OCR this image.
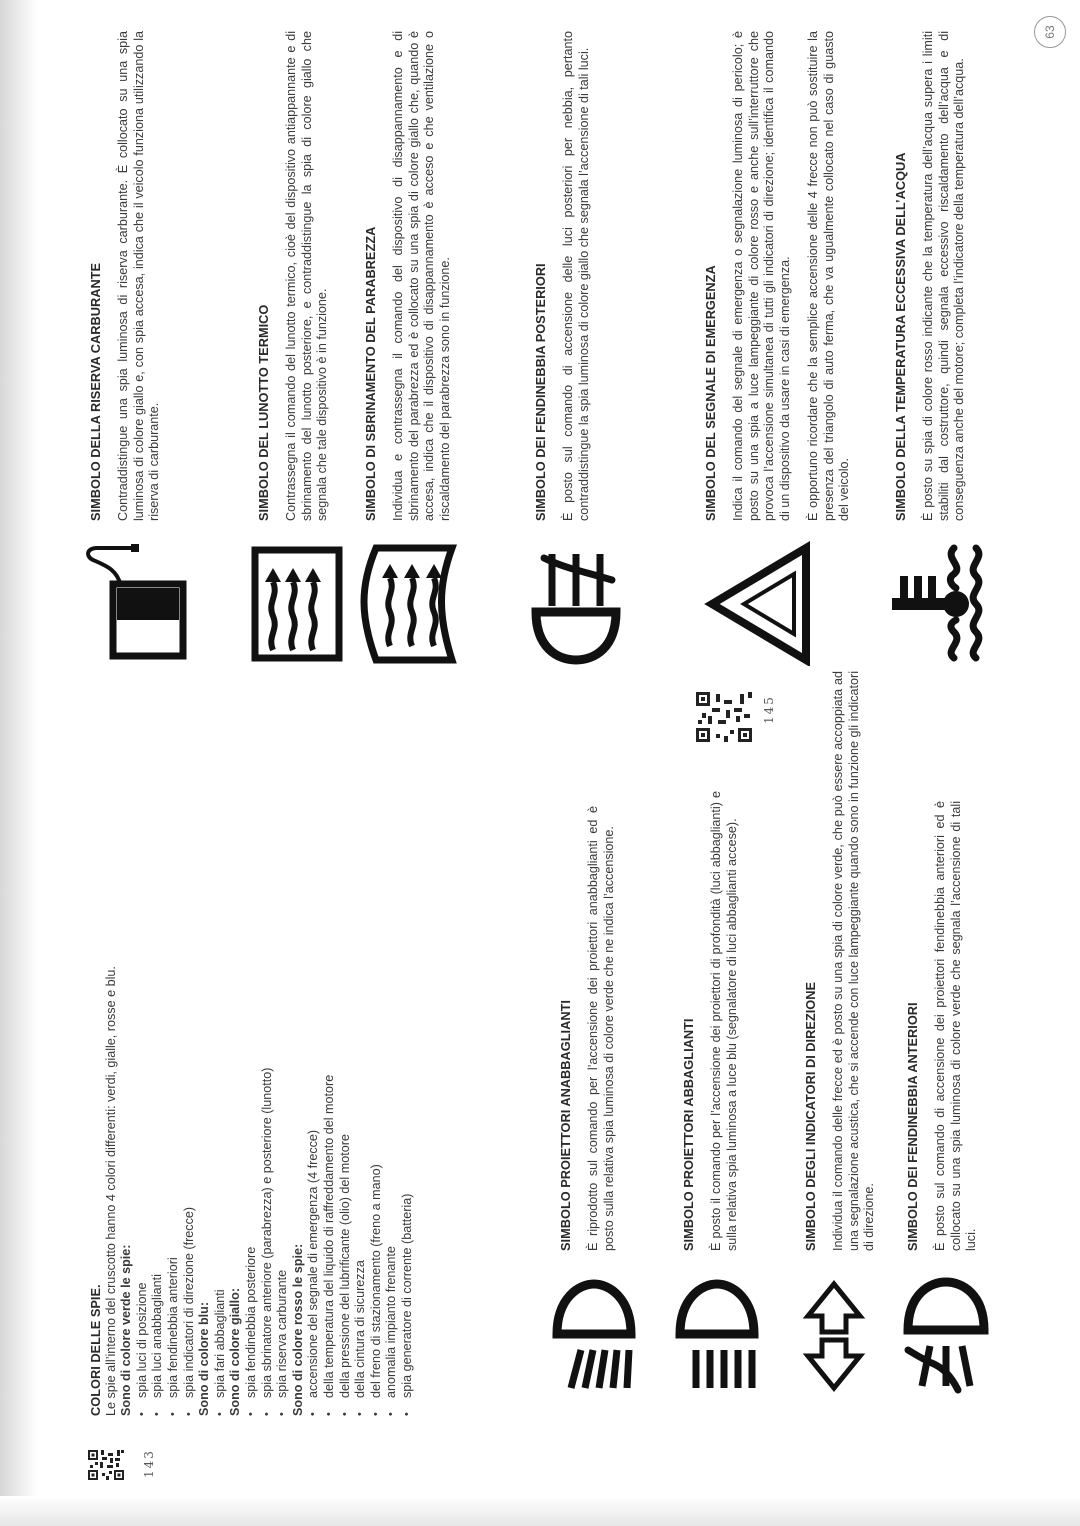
63
143

COLORI DELLE SPIE. Le spie all’interno del cruscotto hanno 4 colori differenti: verdi, gialle, rosse e blu. Sono di colore verde le spie: • spia luci di posizione • spia luci anabbaglianti • spia fendinebbia anteriori • spia indicatori di direzione (frecce) Sono di colore blu: • spia fari abbaglianti Sono di colore giallo: • spia fendinebbia posteriore • spia sbrinatore anteriore (parabrezza) e posteriore (lunotto) • spia riserva carburante Sono di colore rosso le spie: • accensione del segnale di emergenza (4 frecce) • della temperatura del liquido di raffreddamento del motore • della pressione del lubrificante (olio) del motore • della cintura di sicurezza • del freno di stazionamento (freno a mano) • anomalia impianto frenante • spia generatore di corrente (batteria)

SIMBOLO PROIETTORI ANABBAGLIANTI È riprodotto sul comando per l’accensione dei proiettori anabbaglianti ed è posto sulla relativa spia luminosa di colore verde che ne indica l’accensione.	SIMBOLO PROIETTORI ABBAGLIANTI È posto il comando per l’accensione dei proiettori di profondità (luci abbaglianti) e sulla relativa spia luminosa a luce blu (segnalatore di luci abbaglianti accese).	SIMBOLO DEGLI INDICATORI DI DIREZIONE Individua il comando delle frecce ed è posto su una spia di colore verde, che può essere accoppiata ad una segnalazione acustica, che si accende con luce lampeggiante quando sono in funzione gli indicatori di direzione. SIMBOLO DEI FENDINEBBIA ANTERIORI È posto sul comando di accensione dei proiettori fendinebbia anteriori ed è collocato su una spia luminosa di colore verde che segnala l’accensione di tali luci.

145

SIMBOLO DELLA RISERVA CARBURANTE Contraddistingue una spia luminosa di riserva carburante. È collocato su una spia luminosa di colore giallo e, con spia accesa, indica che il veicolo funziona utilizzando la riserva di carburante.	SIMBOLO DEL LUNOTTO TERMICO Contrassegna il comando del lunotto termico, cioè del dispositivo antiappannante e di sbrinamento del lunotto posteriore, e contraddistingue la spia di colore giallo che segnala che tale dispositivo è in funzione.	SIMBOLO DI SBRINAMENTO DEL PARABREZZA Individua e contrassegna il comando del dispositivo di disappannamento e di sbrinamento del parabrezza ed è collocato su una spia di colore giallo che, quando è accesa, indica che il dispositivo di disappannamento è acceso e che ventilazione o riscaldamento del parabrezza sono in funzione.	SIMBOLO DEI FENDINEBBIA POSTERIORI È posto sul comando di accensione delle luci posteriori per nebbia, pertanto contraddistingue la spia luminosa di colore giallo che segnala l’accensione di tali luci.	SIMBOLO DEL SEGNALE DI EMERGENZA Indica il comando del segnale di emergenza o segnalazione luminosa di pericolo; è posto su una spia a luce lampeggiante di colore rosso e anche sull’interruttore che provoca l’accensione simultanea di tutti gli indicatori di direzione; identifica il comando di un dispositivo da usare in casi di emergenza. È opportuno ricordare che la semplice accensione delle 4 frecce non può sostituire la presenza del triangolo di auto ferma, che va ugualmente collocato nel caso di guasto del veicolo.	SIMBOLO DELLA TEMPERATURA ECCESSIVA DELL’ACQUA È posto su spia di colore rosso indicante che la temperatura dell’acqua supera i limiti stabiliti dal costruttore, quindi segnala eccessivo riscaldamento dell’acqua e di conseguenza anche del motore; completa l’indicatore della temperatura dell’acqua.
